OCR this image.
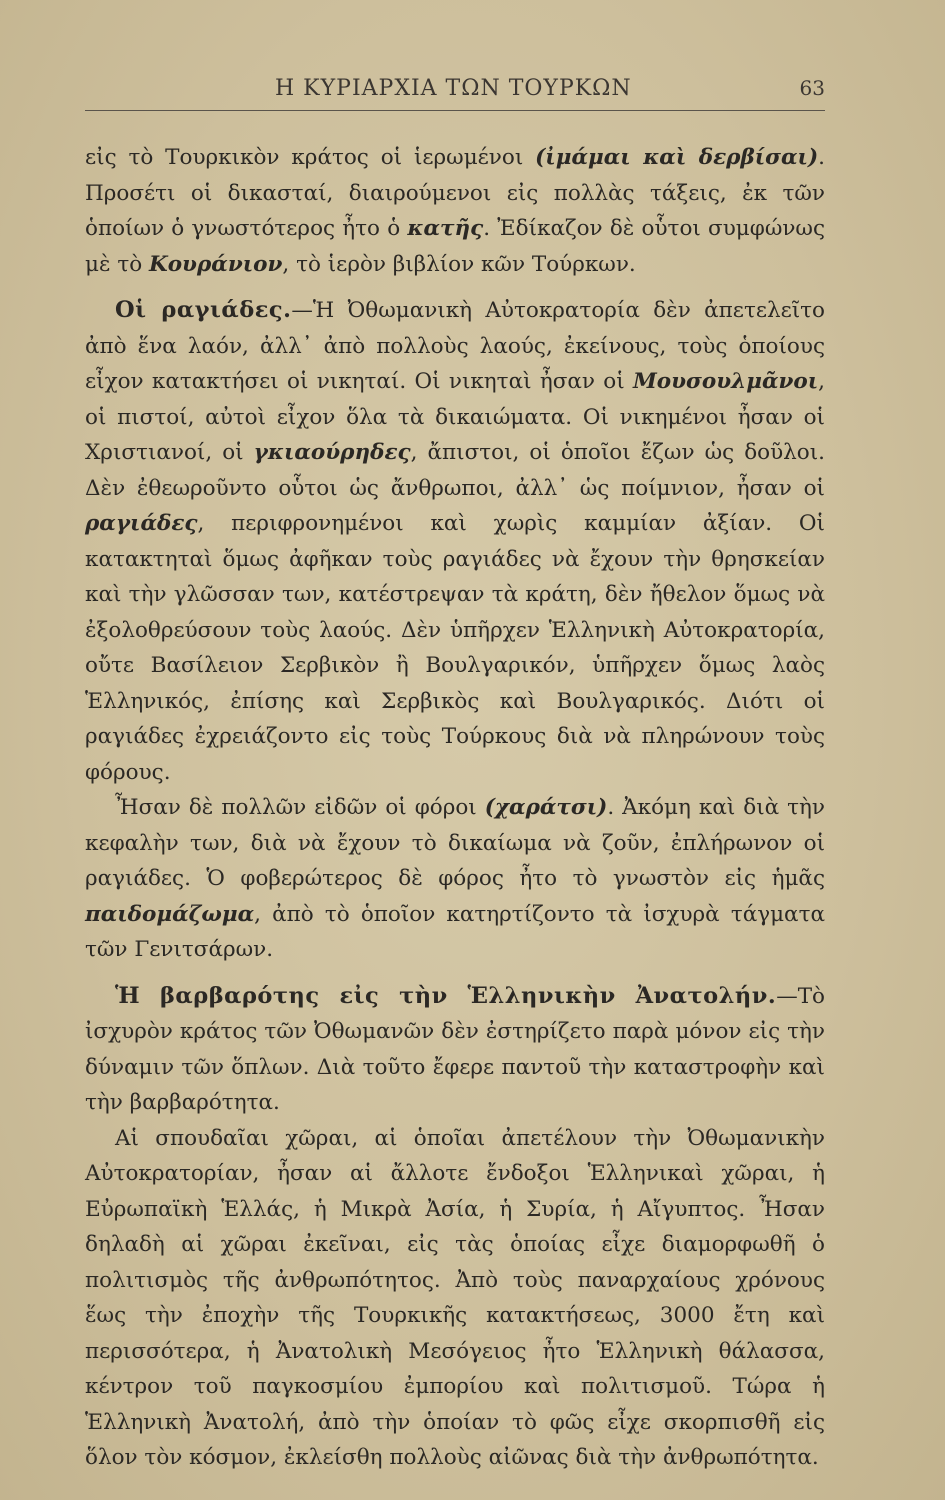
Η ΚΥΡΙΑΡΧΙΑ ΤΩΝ ΤΟΥΡΚΩΝ	63

εἰς τὸ Τουρκικὸν κράτος οἱ ἱερωμένοι (ἰμάμαι καὶ δερβίσαι). Προσέτι οἱ δικασταί, διαιρούμενοι εἰς πολλὰς τάξεις, ἐκ τῶν ὁποίων ὁ γνωστότερος ἦτο ὁ κατῆς. Ἐδίκαζον δὲ οὗτοι συμφώνως μὲ τὸ Κουράνιον, τὸ ἱερὸν βιβλίον κῶν Τούρκων.

Οἱ ραγιάδες.—Ἡ Ὀθωμανικὴ Αὐτοκρατορία δὲν ἀπετελεῖτο ἀπὸ ἕνα λαόν, ἀλλ᾽ ἀπὸ πολλοὺς λαούς, ἐκείνους, τοὺς ὁποίους εἶχον κατακτήσει οἱ νικηταί. Οἱ νικηταὶ ἦσαν οἱ Μουσουλμᾶνοι, οἱ πιστοί, αὐτοὶ εἶχον ὅλα τὰ δικαιώματα. Οἱ νικημένοι ἦσαν οἱ Χριστιανοί, οἱ γκιαούρηδες, ἄπιστοι, οἱ ὁποῖοι ἔζων ὡς δοῦλοι. Δὲν ἐθεωροῦντο οὗτοι ὡς ἄνθρωποι, ἀλλ᾽ ὡς ποίμνιον, ἦσαν οἱ ραγιάδες, περιφρονημένοι καὶ χωρὶς καμμίαν ἀξίαν. Οἱ κατακτηταὶ ὅμως ἀφῆκαν τοὺς ραγιάδες νὰ ἔχουν τὴν θρησκείαν καὶ τὴν γλῶσσαν των, κατέστρεψαν τὰ κράτη, δὲν ἤθελον ὅμως νὰ ἐξολοθρεύσουν τοὺς λαούς. Δὲν ὑπῆρχεν Ἑλληνικὴ Αὐτοκρατορία, οὔτε Βασίλειον Σερβικὸν ἢ Βουλγαρικόν, ὑπῆρχεν ὅμως λαὸς Ἑλληνικός, ἐπίσης καὶ Σερβικὸς καὶ Βουλγαρικός. Διότι οἱ ραγιάδες ἐχρειάζοντο εἰς τοὺς Τούρκους διὰ νὰ πληρώνουν τοὺς φόρους.

Ἦσαν δὲ πολλῶν εἰδῶν οἱ φόροι (χαράτσι). Ἀκόμη καὶ διὰ τὴν κεφαλὴν των, διὰ νὰ ἔχουν τὸ δικαίωμα νὰ ζοῦν, ἐπλήρωνον οἱ ραγιάδες. Ὁ φοβερώτερος δὲ φόρος ἦτο τὸ γνωστὸν εἰς ἡμᾶς παιδομάζωμα, ἀπὸ τὸ ὁποῖον κατηρτίζοντο τὰ ἰσχυρὰ τάγματα τῶν Γενιτσάρων.

Ἡ βαρβαρότης εἰς τὴν Ἑλληνικὴν Ἀνατολήν.—Τὸ ἰσχυρὸν κράτος τῶν Ὀθωμανῶν δὲν ἐστηρίζετο παρὰ μόνον εἰς τὴν δύναμιν τῶν ὅπλων. Διὰ τοῦτο ἔφερε παντοῦ τὴν καταστροφὴν καὶ τὴν βαρβαρότητα.

Αἱ σπουδαῖαι χῶραι, αἱ ὁποῖαι ἀπετέλουν τὴν Ὀθωμανικὴν Αὐτοκρατορίαν, ἦσαν αἱ ἄλλοτε ἔνδοξοι Ἑλληνικαὶ χῶραι, ἡ Εὐρωπαϊκὴ Ἑλλάς, ἡ Μικρὰ Ἀσία, ἡ Συρία, ἡ Αἴγυπτος. Ἦσαν δηλαδὴ αἱ χῶραι ἐκεῖναι, εἰς τὰς ὁποίας εἶχε διαμορφωθῆ ὁ πολιτισμὸς τῆς ἀνθρωπότητος. Ἀπὸ τοὺς παναρχαίους χρόνους ἕως τὴν ἐποχὴν τῆς Τουρκικῆς κατακτήσεως, 3000 ἔτη καὶ περισσότερα, ἡ Ἀνατολικὴ Μεσόγειος ἦτο Ἑλληνικὴ θάλασσα, κέντρον τοῦ παγκοσμίου ἐμπορίου καὶ πολιτισμοῦ. Τώρα ἡ Ἑλληνικὴ Ἀνατολή, ἀπὸ τὴν ὁποίαν τὸ φῶς εἶχε σκορπισθῆ εἰς ὅλον τὸν κόσμον, ἐκλείσθη πολλοὺς αἰῶνας διὰ τὴν ἀνθρωπότητα.
